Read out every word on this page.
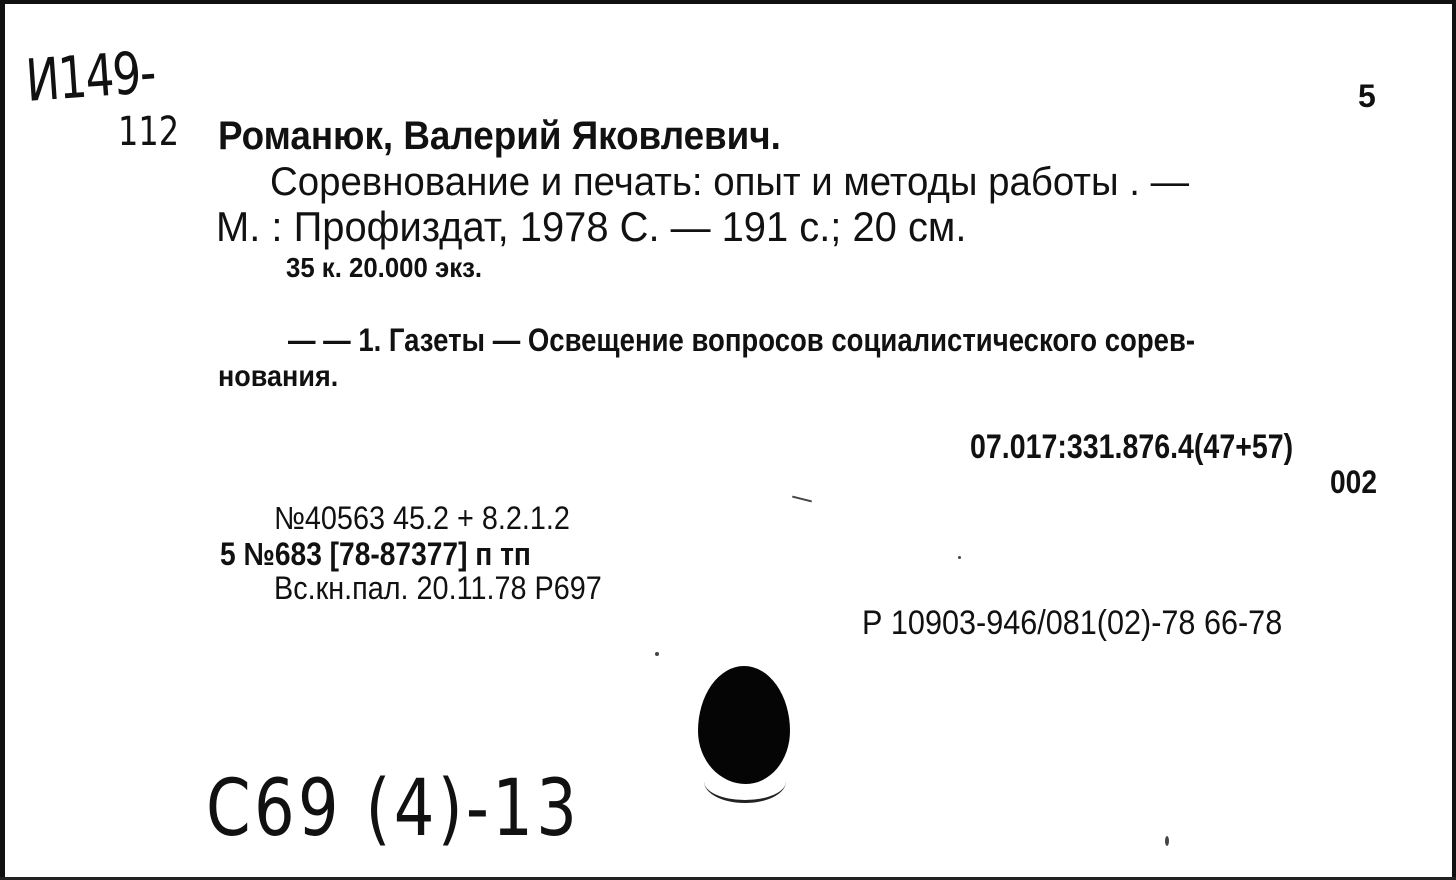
И149-
112
5
Романюк, Валерий Яковлевич.
Соревнование и печать: опыт и методы работы . —
М. : Профиздат, 1978 С. — 191 с.; 20 см.
35 к. 20.000 экз.
— — 1. Газеты — Освещение вопросов социалистического сорев-
нования.
07.017:331.876.4(47+57)
002
№40563 45.2 + 8.2.1.2
5 №683 [78-87377] п тп
Вс.кн.пал. 20.11.78 Р697
Р 10903-946/081(02)-78 66-78
С69 (4)-13
